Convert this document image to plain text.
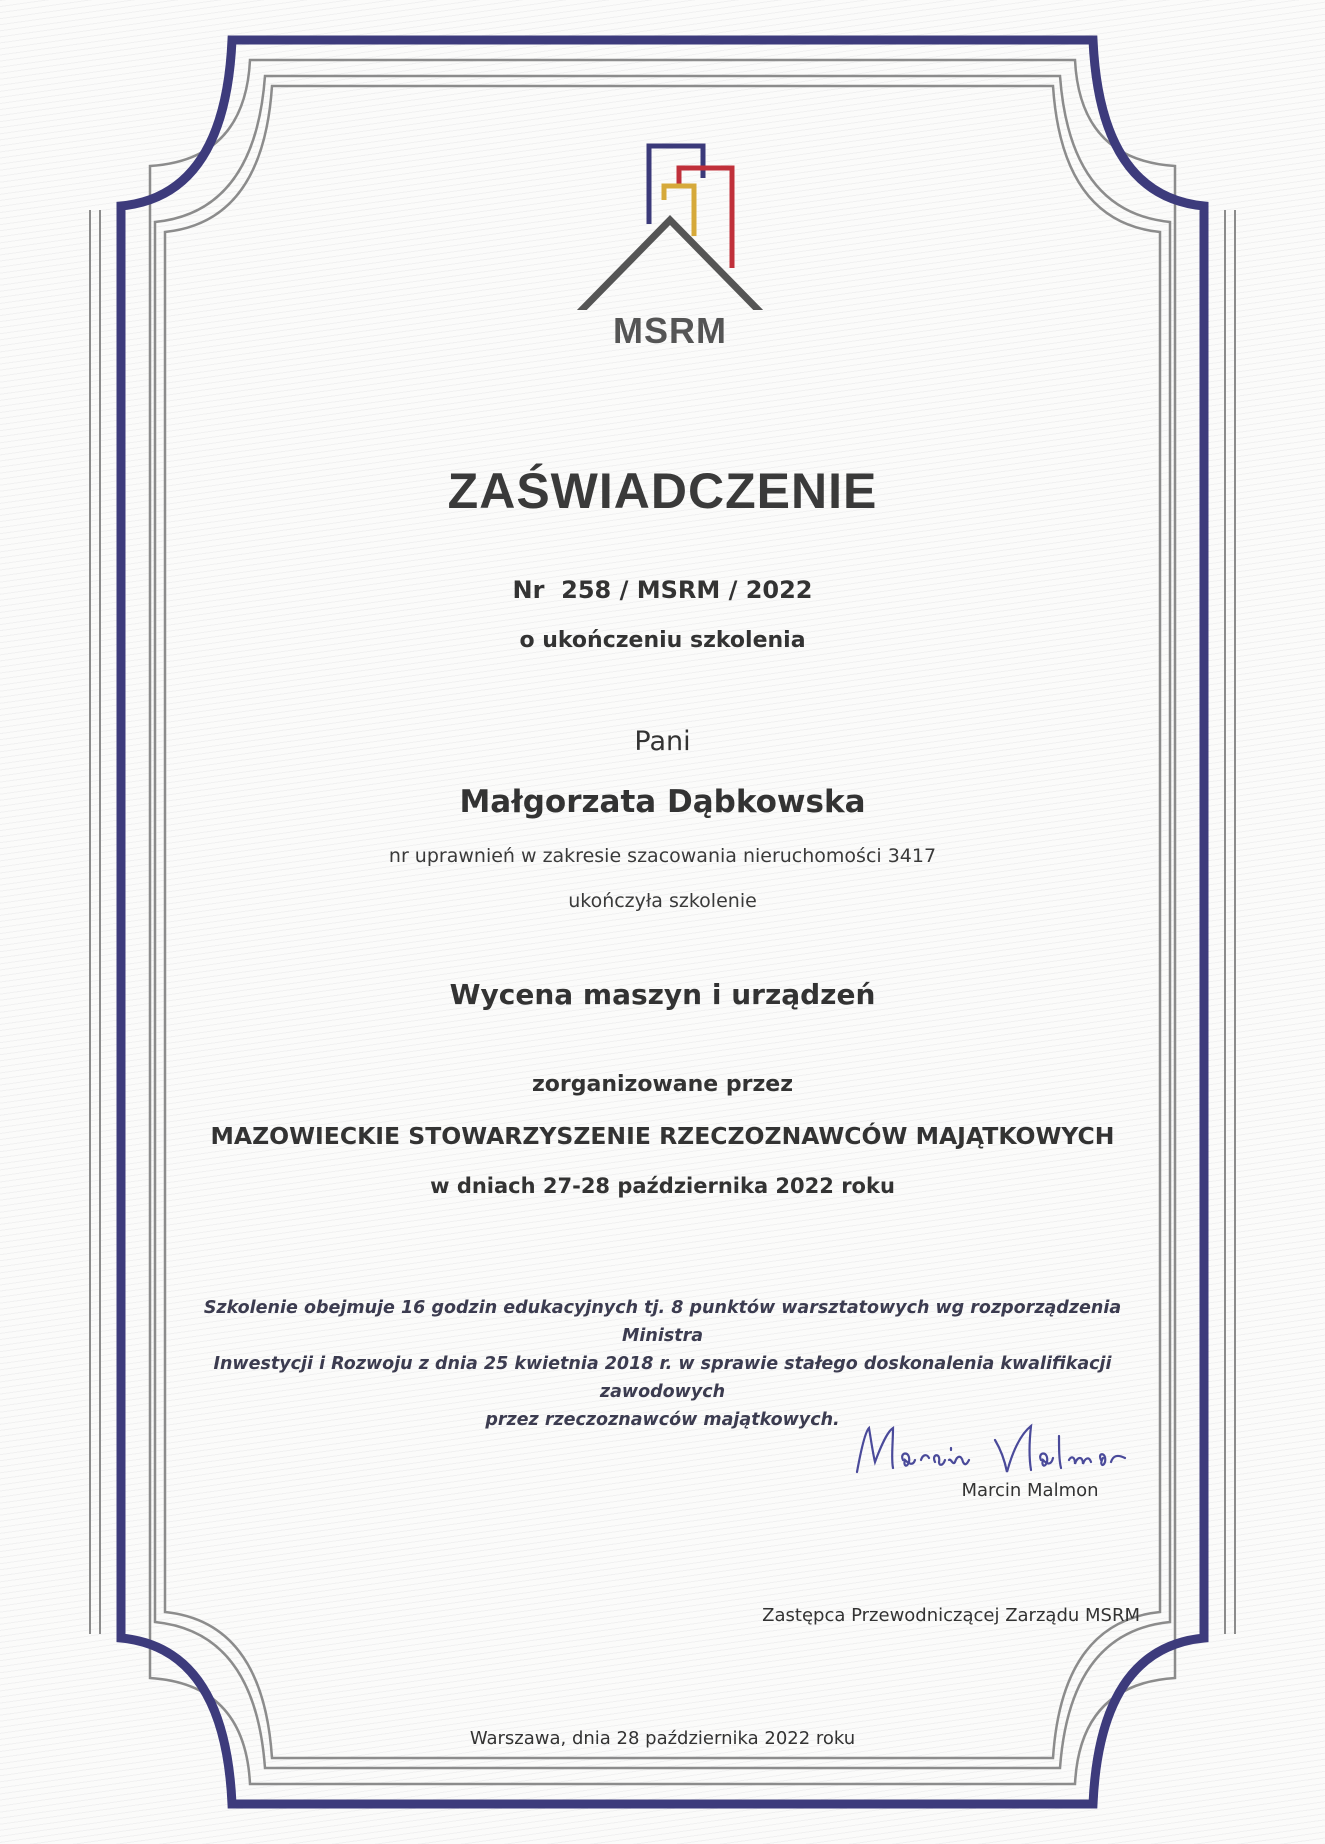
MSRM
ZAŚWIADCZENIE
Nr  258 / MSRM / 2022
o ukończeniu szkolenia
Pani
Małgorzata Dąbkowska
nr uprawnień w zakresie szacowania nieruchomości 3417
ukończyła szkolenie
Wycena maszyn i urządzeń
zorganizowane przez
MAZOWIECKIE STOWARZYSZENIE RZECZOZNAWCÓW MAJĄTKOWYCH
w dniach 27-28 października 2022 roku
Szkolenie obejmuje 16 godzin edukacyjnych tj. 8 punktów warsztatowych wg rozporządzenia Ministra
Inwestycji i Rozwoju z dnia 25 kwietnia 2018 r. w sprawie stałego doskonalenia kwalifikacji zawodowych
przez rzeczoznawców majątkowych.
Marcin Malmon
Zastępca Przewodniczącej Zarządu MSRM
Warszawa, dnia 28 października 2022 roku
